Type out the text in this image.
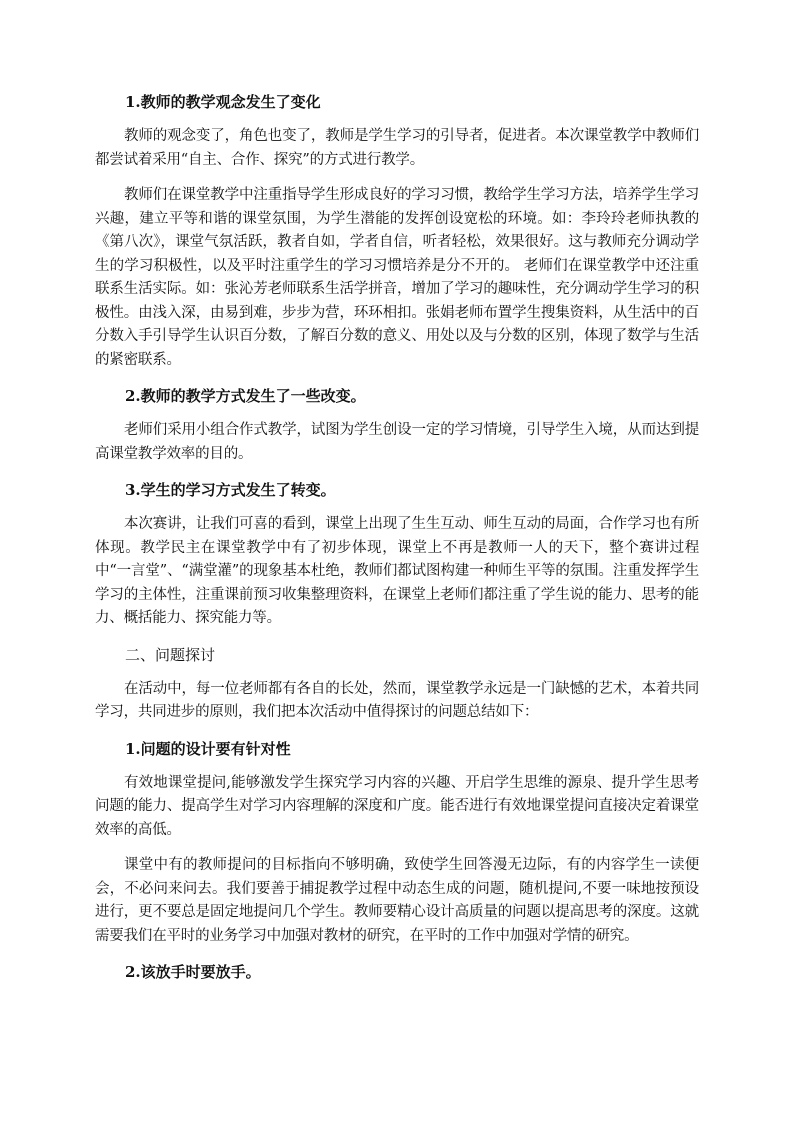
1.教师的教学观念发生了变化

教师的观念变了，角色也变了，教师是学生学习的引导者，促进者。本次课堂教学中教师们都尝试着采用“自主、合作、探究”的方式进行教学。

教师们在课堂教学中注重指导学生形成良好的学习习惯，教给学生学习方法，培养学生学习兴趣，建立平等和谐的课堂氛围，为学生潜能的发挥创设宽松的环境。如：李玲玲老师执教的《第八次》，课堂气氛活跃，教者自如，学者自信，听者轻松，效果很好。这与教师充分调动学生的学习积极性，以及平时注重学生的学习习惯培养是分不开的。 老师们在课堂教学中还注重联系生活实际。如：张沁芳老师联系生活学拼音，增加了学习的趣味性，充分调动学生学习的积极性。由浅入深，由易到难，步步为营，环环相扣。张娟老师布置学生搜集资料，从生活中的百分数入手引导学生认识百分数，了解百分数的意义、用处以及与分数的区别，体现了数学与生活的紧密联系。

2.教师的教学方式发生了一些改变。

老师们采用小组合作式教学，试图为学生创设一定的学习情境，引导学生入境，从而达到提高课堂教学效率的目的。

3.学生的学习方式发生了转变。

本次赛讲，让我们可喜的看到，课堂上出现了生生互动、师生互动的局面，合作学习也有所体现。教学民主在课堂教学中有了初步体现，课堂上不再是教师一人的天下，整个赛讲过程中“一言堂”、“满堂灌”的现象基本杜绝，教师们都试图构建一种师生平等的氛围。注重发挥学生学习的主体性，注重课前预习收集整理资料，在课堂上老师们都注重了学生说的能力、思考的能力、概括能力、探究能力等。

二、问题探讨

在活动中，每一位老师都有各自的长处，然而，课堂教学永远是一门缺憾的艺术，本着共同学习，共同进步的原则，我们把本次活动中值得探讨的问题总结如下：

1.问题的设计要有针对性

有效地课堂提问,能够激发学生探究学习内容的兴趣、开启学生思维的源泉、提升学生思考问题的能力、提高学生对学习内容理解的深度和广度。能否进行有效地课堂提问直接决定着课堂效率的高低。

课堂中有的教师提问的目标指向不够明确，致使学生回答漫无边际，有的内容学生一读便会，不必问来问去。我们要善于捕捉教学过程中动态生成的问题，随机提问,不要一味地按预设进行，更不要总是固定地提问几个学生。教师要精心设计高质量的问题以提高思考的深度。这就需要我们在平时的业务学习中加强对教材的研究，在平时的工作中加强对学情的研究。

2.该放手时要放手。
